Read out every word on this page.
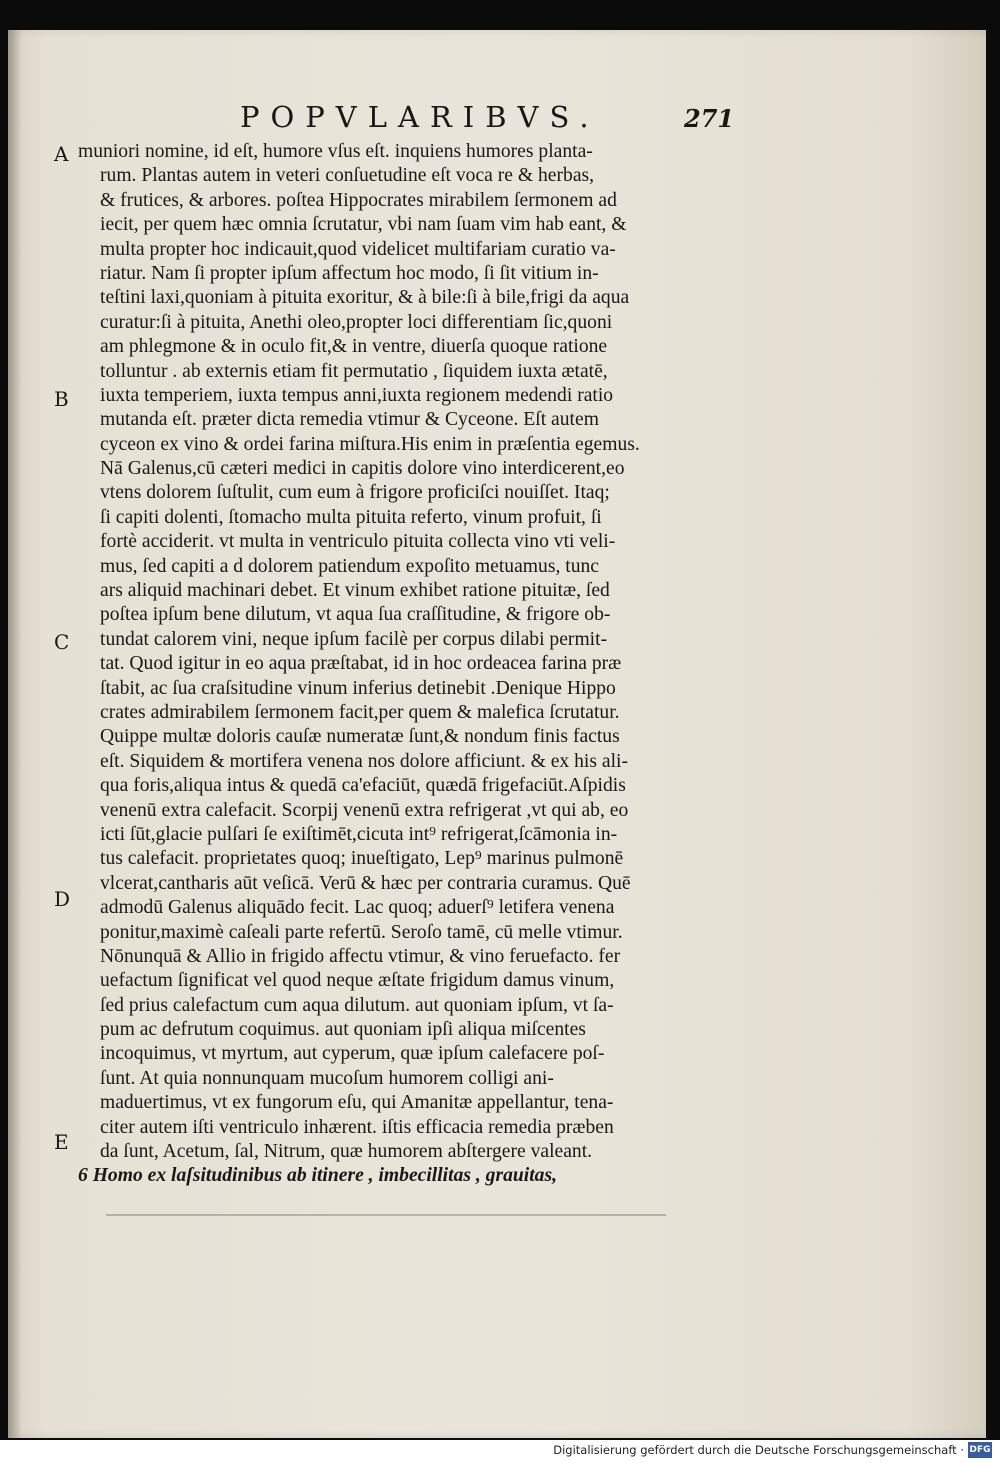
POPVLARIBVS.	271
A
B
C
D
E
muniori nomine, id eſt, humore vſus eſt. inquiens humores planta-
rum. Plantas autem in veteri conſuetudine eſt voca re & herbas,
& frutices, & arbores. poſtea Hippocrates mirabilem ſermonem ad
iecit, per quem hæc omnia ſcrutatur, vbi nam ſuam vim hab eant, &
multa propter hoc indicauit,quod videlicet multifariam curatio va-
riatur. Nam ſi propter ipſum affectum hoc modo, ſi ſit vitium in-
teſtini laxi,quoniam à pituita exoritur, & à bile:ſi à bile,frigi da aqua
curatur:ſi à pituita, Anethi oleo,propter loci differentiam ſic,quoni
am phlegmone & in oculo fit,& in ventre, diuerſa quoque ratione
tolluntur . ab externis etiam fit permutatio , ſiquidem iuxta ætatē,
iuxta temperiem, iuxta tempus anni,iuxta regionem medendi ratio
mutanda eſt. præter dicta remedia vtimur & Cyceone. Eſt autem
cyceon ex vino & ordei farina miſtura.His enim in præſentia egemus.
Nā Galenus,cū cæteri medici in capitis dolore vino interdicerent,eo
vtens dolorem ſuſtulit, cum eum à frigore proficiſci nouiſſet. Itaq;
ſi capiti dolenti, ſtomacho multa pituita referto, vinum profuit, ſi
fortè acciderit. vt multa in ventriculo pituita collecta vino vti veli-
mus, ſed capiti a d dolorem patiendum expoſito metuamus, tunc
ars aliquid machinari debet. Et vinum exhibet ratione pituitæ, ſed
poſtea ipſum bene dilutum, vt aqua ſua craſſitudine, & frigore ob-
tundat calorem vini, neque ipſum facilè per corpus dilabi permit-
tat. Quod igitur in eo aqua præſtabat, id in hoc ordeacea farina præ
ſtabit, ac ſua craſsitudine vinum inferius detinebit .Denique Hippo
crates admirabilem ſermonem facit,per quem & malefica ſcrutatur.
Quippe multæ doloris cauſæ numeratæ ſunt,& nondum finis factus
eſt. Siquidem & mortifera venena nos dolore afficiunt. & ex his ali-
qua foris,aliqua intus & quedā ca'efaciūt, quædā frigefaciūt.Aſpidis
venenū extra calefacit. Scorpij venenū extra refrigerat ,vt qui ab, eo
icti ſūt,glacie pulſari ſe exiſtimēt,cicuta int⁹ refrigerat,ſcāmonia in-
tus calefacit. proprietates quoq; inueſtigato, Lep⁹ marinus pulmonē
vlcerat,cantharis aūt veſicā. Verū & hæc per contraria curamus. Quē
admodū Galenus aliquādo fecit. Lac quoq; aduerſ⁹ letifera venena
ponitur,maximè caſeali parte refertū. Seroſo tamē, cū melle vtimur.
Nōnunquā & Allio in frigido affectu vtimur, & vino feruefacto. fer
uefactum ſignificat vel quod neque æſtate frigidum damus vinum,
ſed prius calefactum cum aqua dilutum. aut quoniam ipſum, vt ſa-
pum ac defrutum coquimus. aut quoniam ipſi aliqua miſcentes
incoquimus, vt myrtum, aut cyperum, quæ ipſum calefacere poſ-
ſunt. At quia nonnunquam mucoſum humorem colligi ani-
maduertimus, vt ex fungorum eſu, qui Amanitæ appellantur, tena-
citer autem iſti ventriculo inhærent. iſtis efficacia remedia præben
da ſunt, Acetum, ſal, Nitrum, quæ humorem abſtergere valeant.
6 Homo ex laſsitudinibus ab itinere , imbecillitas , grauitas,
Digitalisierung gefördert durch die Deutsche Forschungsgemeinschaft · DFG
